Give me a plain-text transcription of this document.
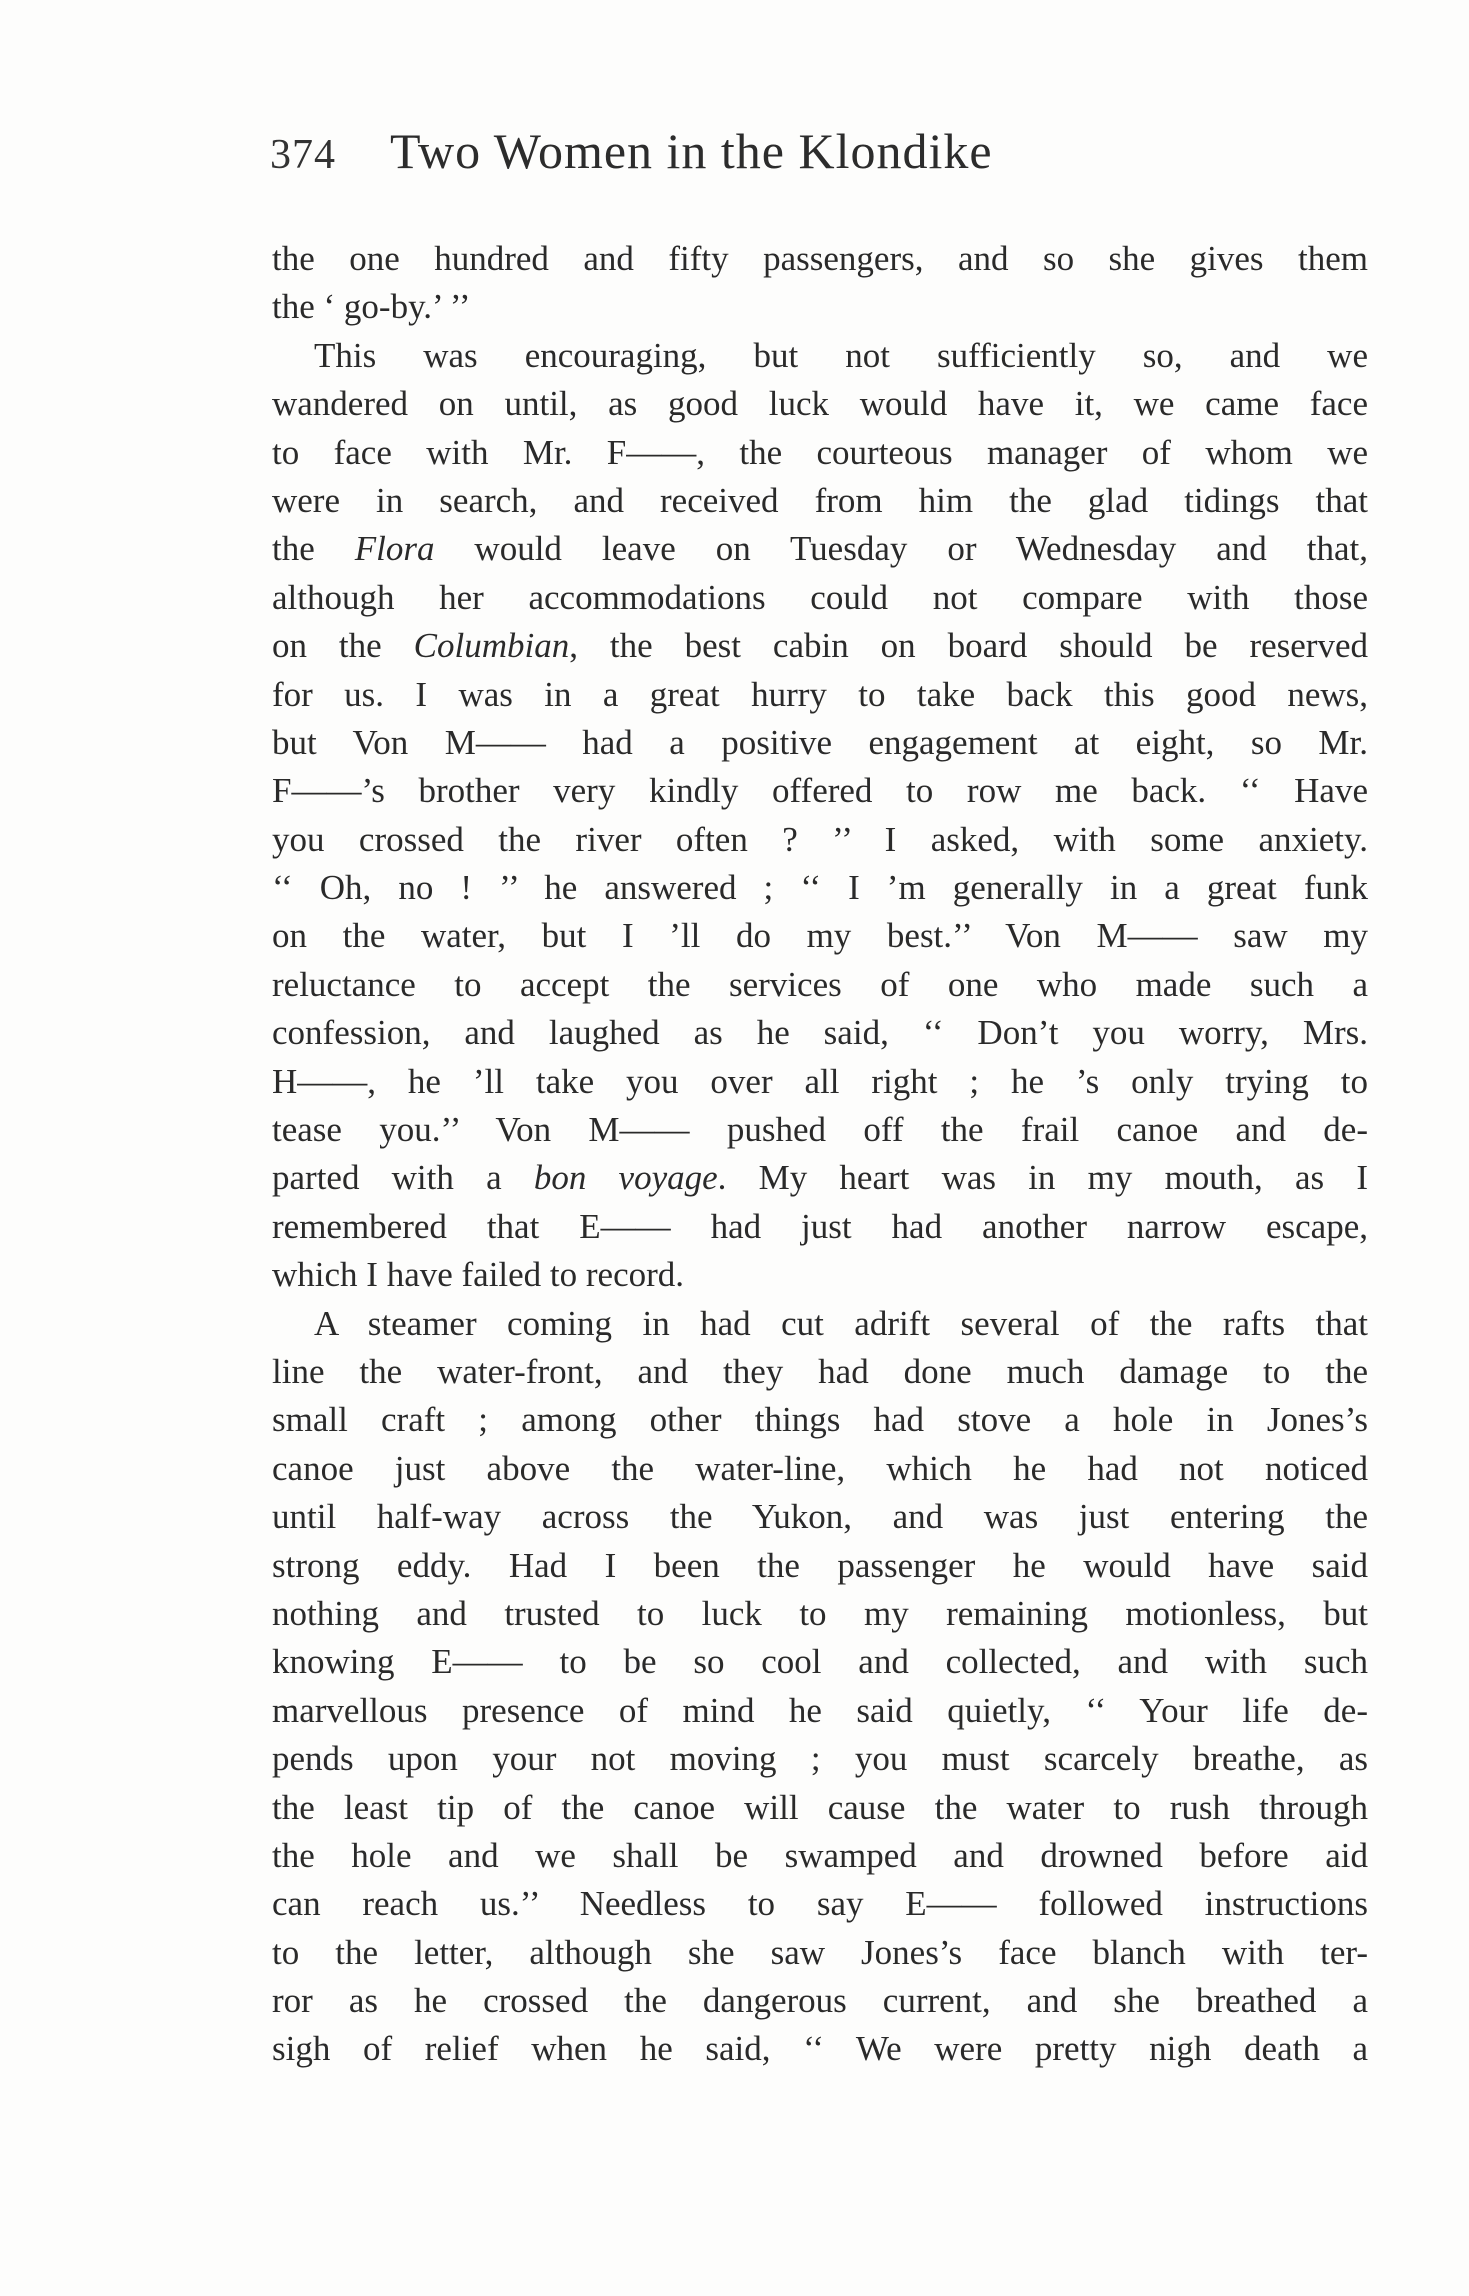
374 Two Women in the Klondike
the one hundred and fifty passengers, and so she gives them
the ‘ go-by.’ ’’
This was encouraging, but not sufficiently so, and we
wandered on until, as good luck would have it, we came face
to face with Mr. F——, the courteous manager of whom we
were in search, and received from him the glad tidings that
the Flora would leave on Tuesday or Wednesday and that,
although her accommodations could not compare with those
on the Columbian, the best cabin on board should be reserved
for us. I was in a great hurry to take back this good news,
but Von M—— had a positive engagement at eight, so Mr.
F——’s brother very kindly offered to row me back. ‘‘ Have
you crossed the river often ? ’’ I asked, with some anxiety.
‘‘ Oh, no ! ’’ he answered ; ‘‘ I ’m generally in a great funk
on the water, but I ’ll do my best.’’ Von M—— saw my
reluctance to accept the services of one who made such a
confession, and laughed as he said, ‘‘ Don’t you worry, Mrs.
H——, he ’ll take you over all right ; he ’s only trying to
tease you.’’ Von M—— pushed off the frail canoe and de-
parted with a bon voyage. My heart was in my mouth, as I
remembered that E—— had just had another narrow escape,
which I have failed to record.
A steamer coming in had cut adrift several of the rafts that
line the water-front, and they had done much damage to the
small craft ; among other things had stove a hole in Jones’s
canoe just above the water-line, which he had not noticed
until half-way across the Yukon, and was just entering the
strong eddy. Had I been the passenger he would have said
nothing and trusted to luck to my remaining motionless, but
knowing E—— to be so cool and collected, and with such
marvellous presence of mind he said quietly, ‘‘ Your life de-
pends upon your not moving ; you must scarcely breathe, as
the least tip of the canoe will cause the water to rush through
the hole and we shall be swamped and drowned before aid
can reach us.’’ Needless to say E—— followed instructions
to the letter, although she saw Jones’s face blanch with ter-
ror as he crossed the dangerous current, and she breathed a
sigh of relief when he said, ‘‘ We were pretty nigh death a
